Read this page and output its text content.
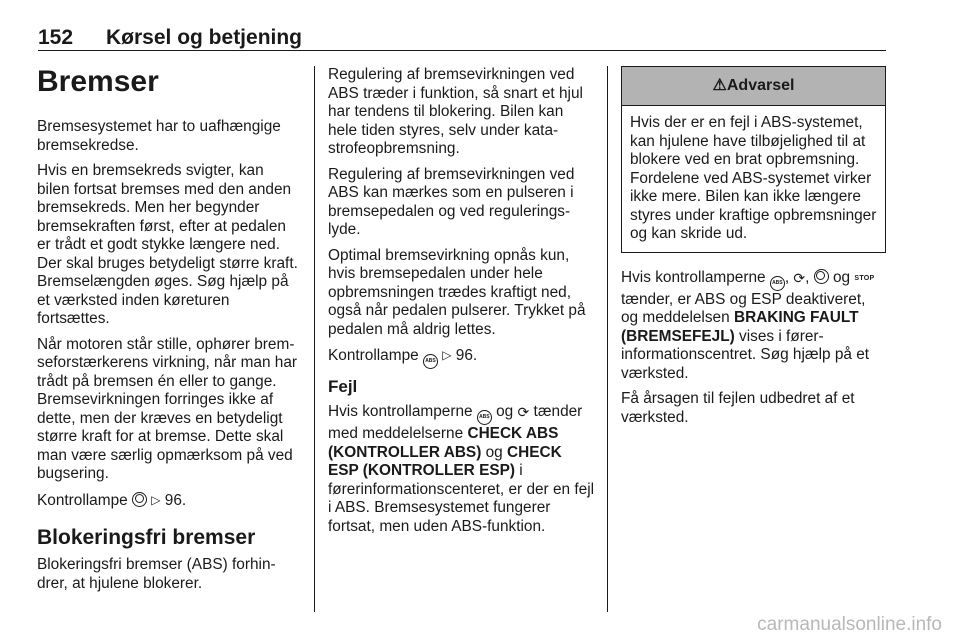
152 Kørsel og betjening
Bremser

Bremsesystemet har to uafhængige bremsekredse.

Hvis en bremsekreds svigter, kan bilen fortsat bremses med den anden bremsekreds. Men her begynder bremsekraften først, efter at pedalen er trådt et godt stykke længere ned. Der skal bruges betydeligt større kraft. Bremselængden øges. Søg hjælp på et værksted inden køreturen fortsættes.

Når motoren står stille, ophører bremseforstærkerens virkning, når man har trådt på bremsen én eller to gange. Bremsevirkningen forringes ikke af dette, men der kræves en betydeligt større kraft for at bremse. Dette skal man være særlig opmærksom på ved bugsering.

Kontrollampe ▷ 96.

Blokeringsfri bremser

Blokeringsfri bremser (ABS) forhindrer, at hjulene blokerer.

Regulering af bremsevirkningen ved ABS træder i funktion, så snart et hjul har tendens til blokering. Bilen kan hele tiden styres, selv under katastrofeopbremsning.

Regulering af bremsevirkningen ved ABS kan mærkes som en pulseren i bremsepedalen og ved reguleringslyde.

Optimal bremsevirkning opnås kun, hvis bremsepedalen under hele opbremsningen trædes kraftigt ned, også når pedalen pulserer. Trykket på pedalen må aldrig lettes.

Kontrollampe ABS ▷ 96.

Fejl

Hvis kontrollamperne ABS og ⟳ tænder med meddelelserne CHECK ABS (KONTROLLER ABS) og CHECK ESP (KONTROLLER ESP) i førerinformationscenteret, er der en fejl i ABS. Bremsesystemet fungerer fortsat, men uden ABS-funktion.

⚠Advarsel
Hvis der er en fejl i ABS-systemet, kan hjulene have tilbøjelighed til at blokere ved en brat opbremsning. Fordelene ved ABS-systemet virker ikke mere. Bilen kan ikke længere styres under kraftige opbremsninger og kan skride ud.

Hvis kontrollamperne ABS , ⟳,
og STOP tænder, er ABS og ESP deaktiveret, og meddelelsen BRAKING FAULT (BREMSEFEJL) vises i førerinformationscentret. Søg hjælp på et værksted.

Få årsagen til fejlen udbedret af et værksted.

carmanualsonline.info
